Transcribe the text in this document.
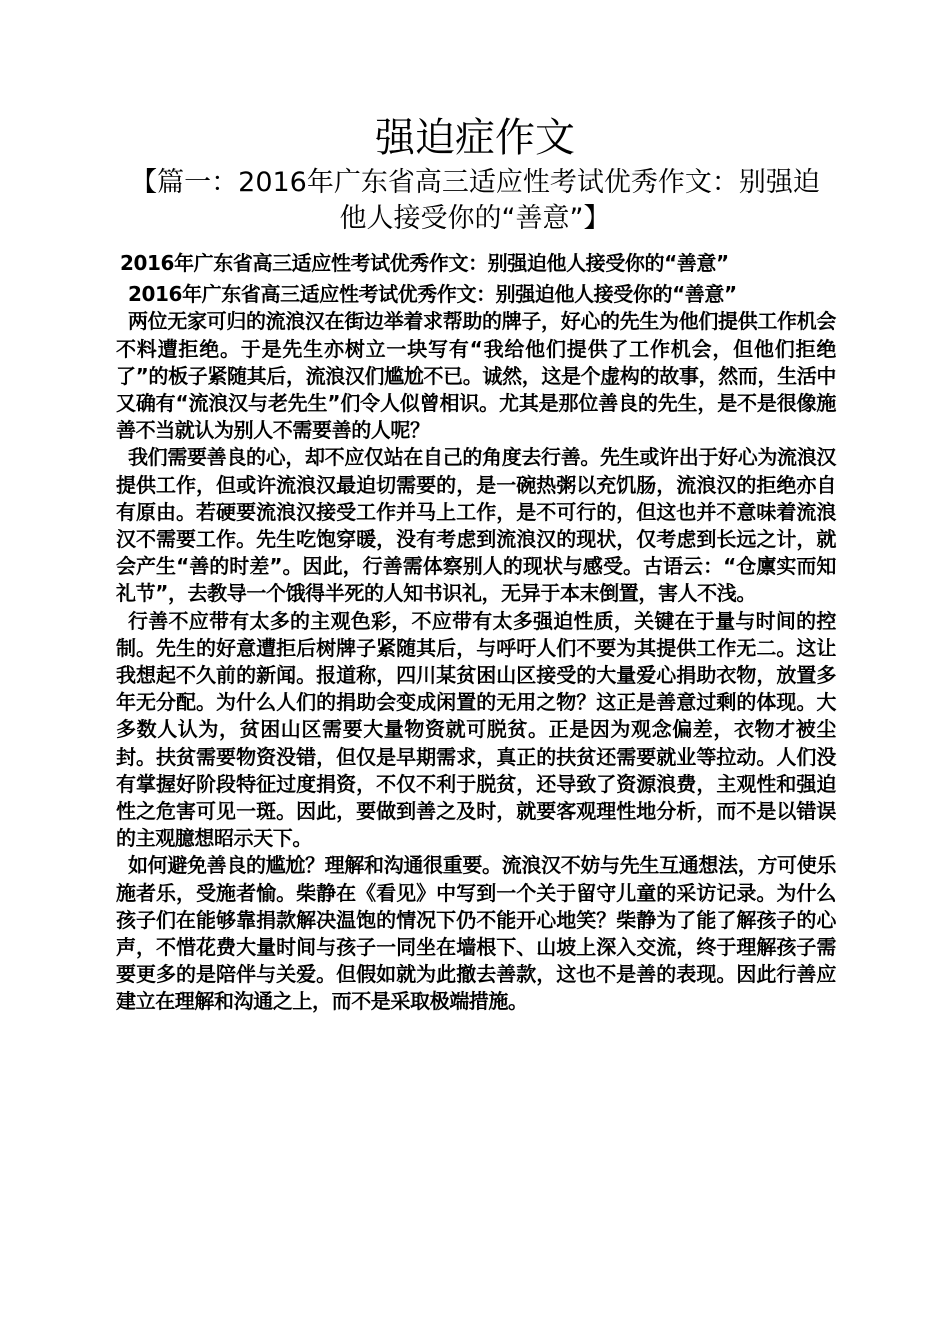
强迫症作文

【篇一：2016年广东省高三适应性考试优秀作文：别强迫他人接受你的“善意”】

2016年广东省高三适应性考试优秀作文：别强迫他人接受你的“善意”

2016年广东省高三适应性考试优秀作文：别强迫他人接受你的“善意”

两位无家可归的流浪汉在街边举着求帮助的牌子，好心的先生为他们提供工作机会不料遭拒绝。于是先生亦树立一块写有“我给他们提供了工作机会，但他们拒绝了”的板子紧随其后，流浪汉们尴尬不已。诚然，这是个虚构的故事，然而，生活中又确有“流浪汉与老先生”们令人似曾相识。尤其是那位善良的先生，是不是很像施善不当就认为别人不需要善的人呢？

我们需要善良的心，却不应仅站在自己的角度去行善。先生或许出于好心为流浪汉提供工作，但或许流浪汉最迫切需要的，是一碗热粥以充饥肠，流浪汉的拒绝亦自有原由。若硬要流浪汉接受工作并马上工作，是不可行的，但这也并不意味着流浪汉不需要工作。先生吃饱穿暖，没有考虑到流浪汉的现状，仅考虑到长远之计，就会产生“善的时差”。因此，行善需体察别人的现状与感受。古语云：“仓廪实而知礼节”，去教导一个饿得半死的人知书识礼，无异于本末倒置，害人不浅。

行善不应带有太多的主观色彩，不应带有太多强迫性质，关键在于量与时间的控制。先生的好意遭拒后树牌子紧随其后，与呼吁人们不要为其提供工作无二。这让我想起不久前的新闻。报道称，四川某贫困山区接受的大量爱心捐助衣物，放置多年无分配。为什么人们的捐助会变成闲置的无用之物？这正是善意过剩的体现。大多数人认为，贫困山区需要大量物资就可脱贫。正是因为观念偏差，衣物才被尘封。扶贫需要物资没错，但仅是早期需求，真正的扶贫还需要就业等拉动。人们没有掌握好阶段特征过度捐资，不仅不利于脱贫，还导致了资源浪费，主观性和强迫性之危害可见一斑。因此，要做到善之及时，就要客观理性地分析，而不是以错误的主观臆想昭示天下。

如何避免善良的尴尬？理解和沟通很重要。流浪汉不妨与先生互通想法，方可使乐施者乐，受施者愉。柴静在《看见》中写到一个关于留守儿童的采访记录。为什么孩子们在能够靠捐款解决温饱的情况下仍不能开心地笑？柴静为了能了解孩子的心声，不惜花费大量时间与孩子一同坐在墙根下、山坡上深入交流，终于理解孩子需要更多的是陪伴与关爱。但假如就为此撤去善款，这也不是善的表现。因此行善应建立在理解和沟通之上，而不是采取极端措施。
